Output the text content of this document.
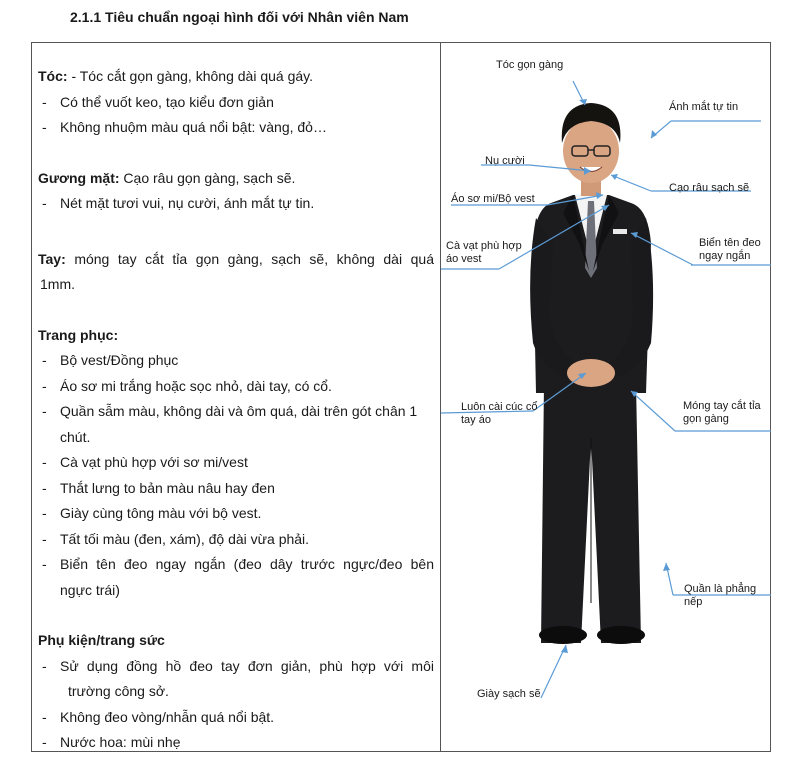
2.1.1 Tiêu chuẩn ngoại hình đối với Nhân viên Nam
Tóc: - Tóc cắt gọn gàng, không dài quá gáy.
- Có thể vuốt keo, tạo kiểu đơn giản
- Không nhuộm màu quá nổi bật: vàng, đỏ…
Gương mặt: Cạo râu gọn gàng, sạch sẽ.
- Nét mặt tươi vui, nụ cười, ánh mắt tự tin.
Tay: móng tay cắt tỉa gọn gàng, sạch sẽ, không dài quá
1mm.
Trang phục:
- Bộ vest/Đồng phục
- Áo sơ mi trắng hoặc sọc nhỏ, dài tay, có cổ.
- Quần sẫm màu, không dài và ôm quá, dài trên gót chân 1
chút.
- Cà vạt phù hợp với sơ mi/vest
- Thắt lưng to bản màu nâu hay đen
- Giày cùng tông màu với bộ vest.
- Tất tối màu (đen, xám), độ dài vừa phải.
- Biển tên đeo ngay ngắn (đeo dây trước ngực/đeo bên
ngực trái)
Phụ kiện/trang sức
- Sử dụng đồng hồ đeo tay đơn giản, phù hợp với môi
trường công sở.
- Không đeo vòng/nhẫn quá nổi bật.
- Nước hoa: mùi nhẹ
Tóc gọn gàng
Ánh mắt tự tin
Nụ cười
Cạo râu sạch sẽ
Áo sơ mi/Bộ vest
Cà vạt phù hợp
áo vest
Biển tên đeo
ngay ngắn
Luôn cài cúc cổ
tay áo
Móng tay cắt tỉa
gọn gàng
Quần là phẳng nếp
Giày sạch sẽ
